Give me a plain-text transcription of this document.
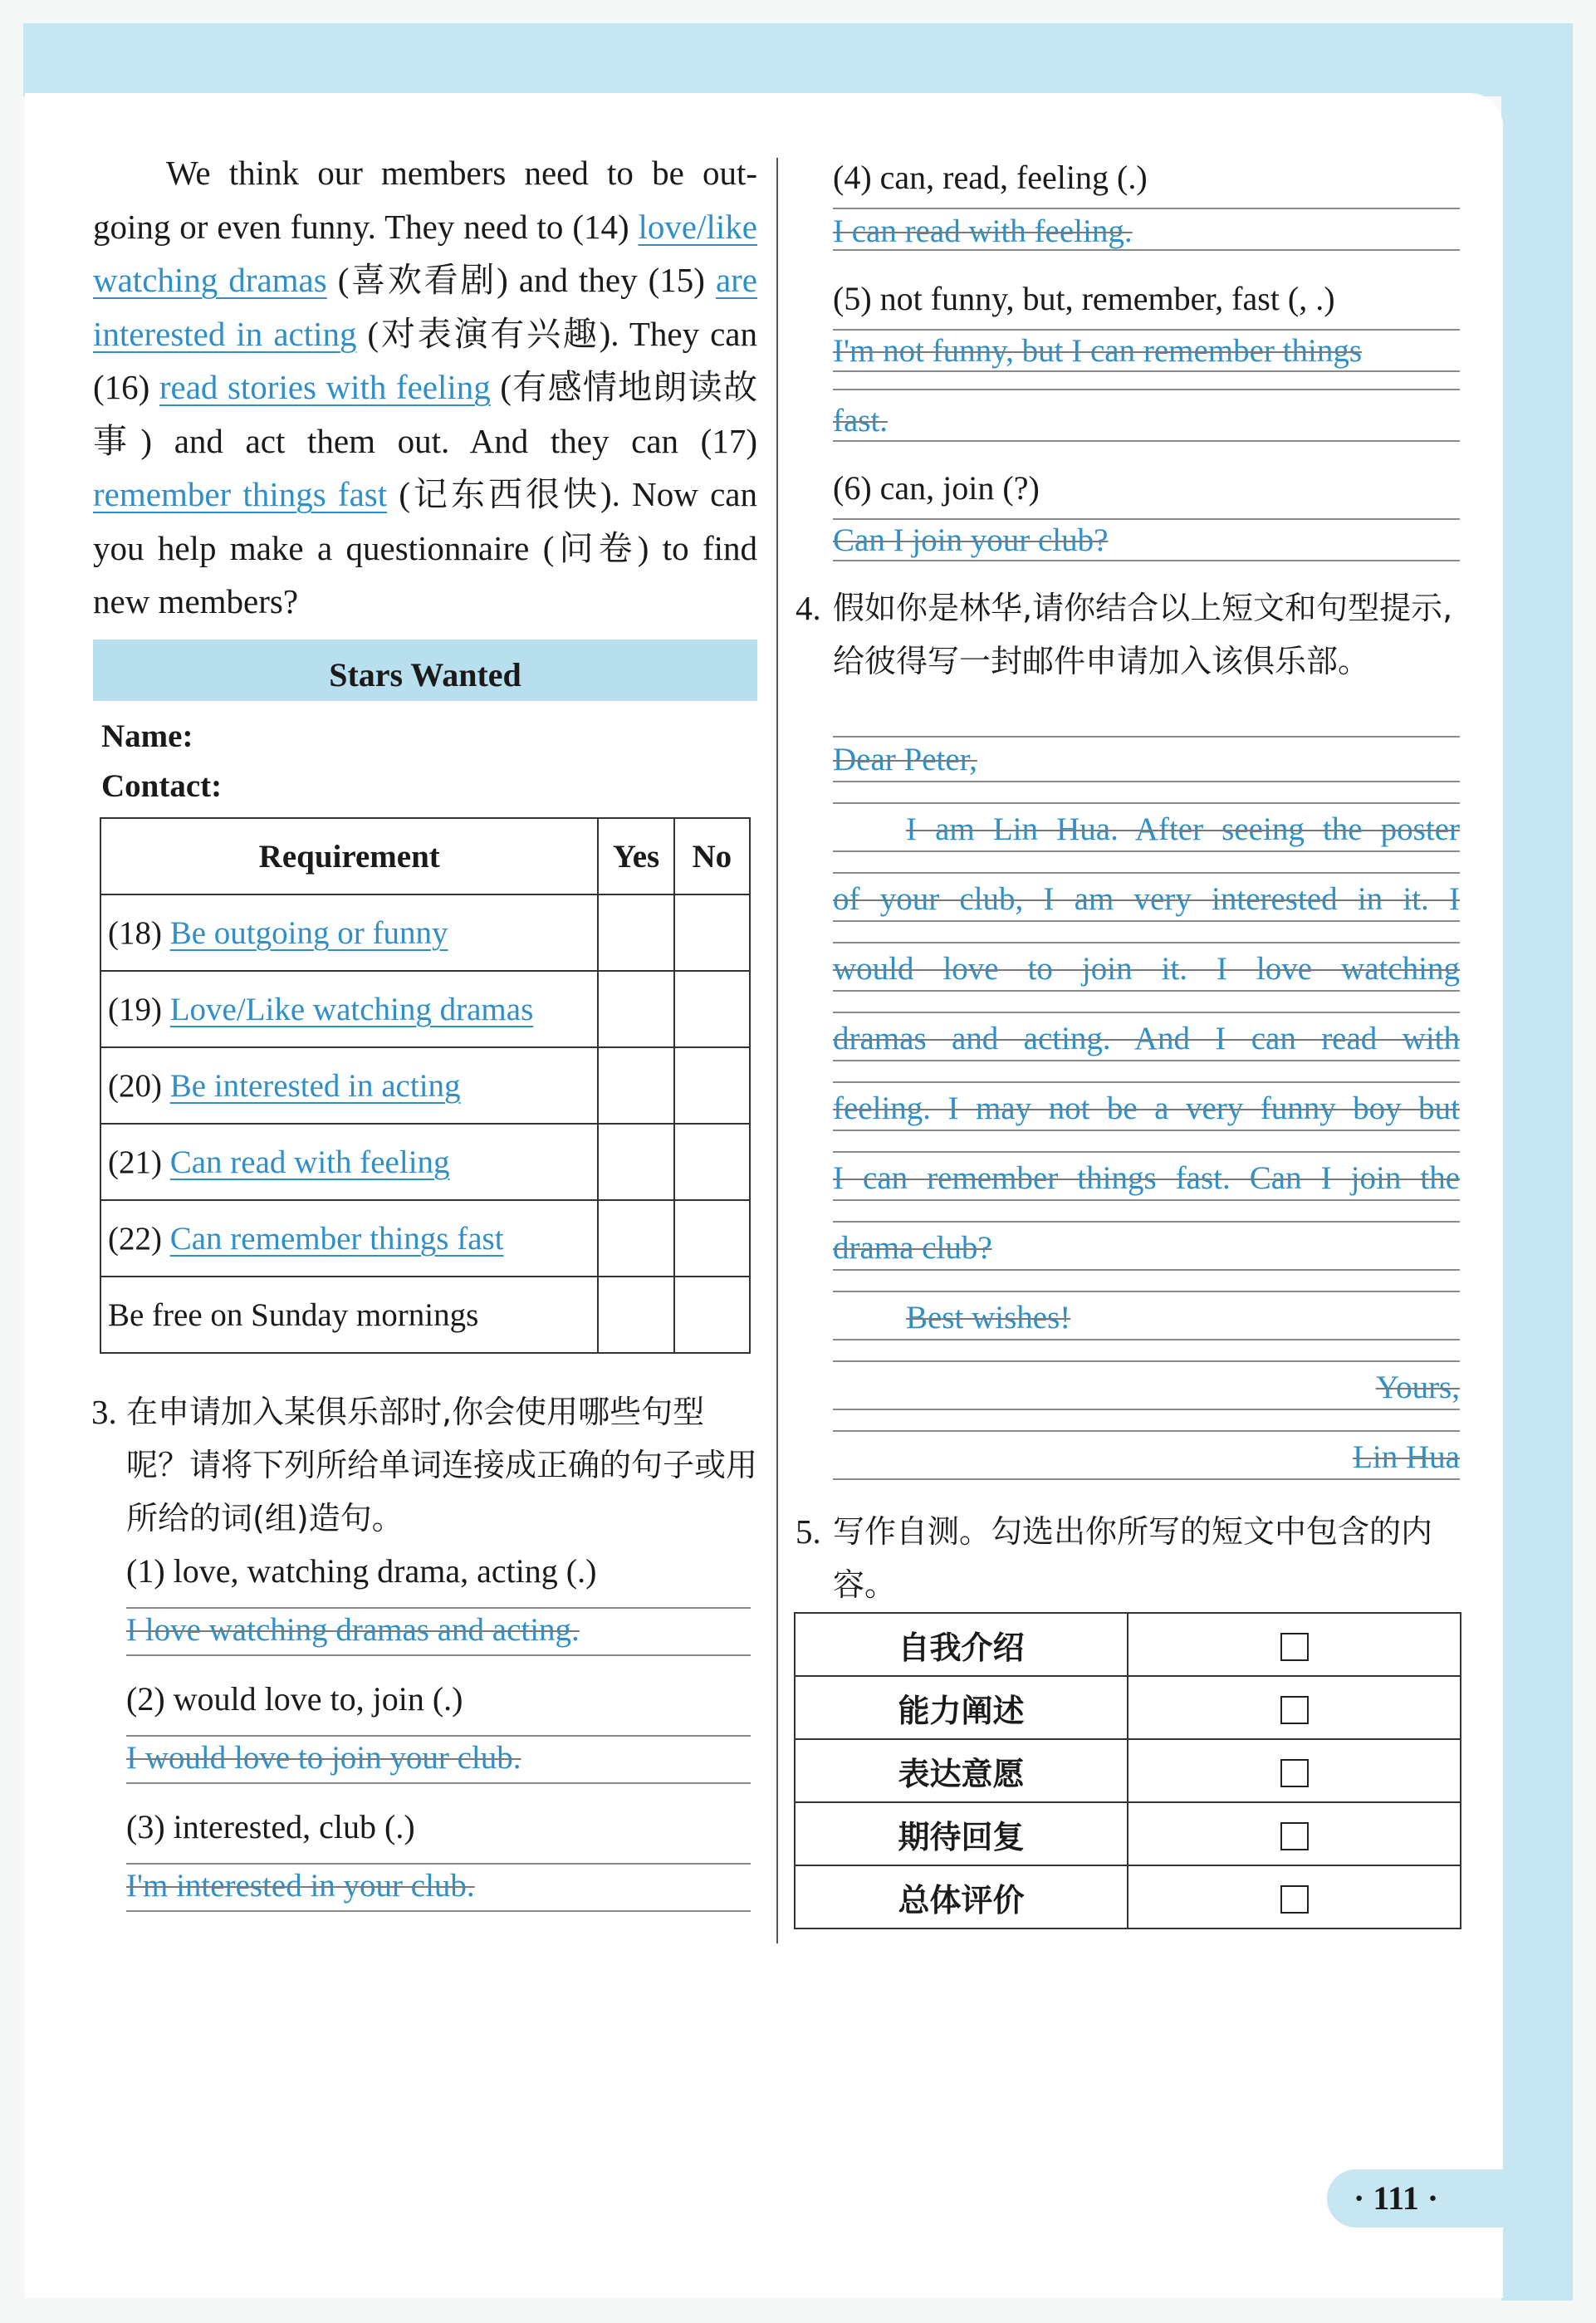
We think our members need to be out-going or even funny. They need to (14) love/like watching dramas (喜欢看剧) and they (15) are interested in acting (对表演有兴趣). They can (16) read stories with feeling (有感情地朗读故事) and act them out. And they can (17) remember things fast (记东西很快). Now can you help make a questionnaire (问卷) to find new members?
Stars Wanted
Name:
Contact:
Requirement	Yes	No
(18) Be outgoing or funny		
(19) Love/Like watching dramas		
(20) Be interested in acting		
(21) Can read with feeling		
(22) Can remember things fast		
Be free on Sunday mornings		
3. 在申请加入某俱乐部时,你会使用哪些句型呢？请将下列所给单词连接成正确的句子或用所给的词(组)造句。
(1) love, watching drama, acting (.)
I love watching dramas and acting.
(2) would love to, join (.)
I would love to join your club.
(3) interested, club (.)
I'm interested in your club.
(4) can, read, feeling (.)
I can read with feeling.
(5) not funny, but, remember, fast (, .)
I'm not funny, but I can remember things
fast.
(6) can, join (?)
Can I join your club?
4. 假如你是林华,请你结合以上短文和句型提示,给彼得写一封邮件申请加入该俱乐部。
Dear Peter,
I am Lin Hua. After seeing the poster
of your club, I am very interested in it. I
would love to join it. I love watching
dramas and acting. And I can read with
feeling. I may not be a very funny boy but
I can remember things fast. Can I join the
drama club?
Best wishes!
Yours,
Lin Hua
5. 写作自测。勾选出你所写的短文中包含的内容。
自我介绍	
能力阐述	
表达意愿	
期待回复	
总体评价	
· 111 ·
